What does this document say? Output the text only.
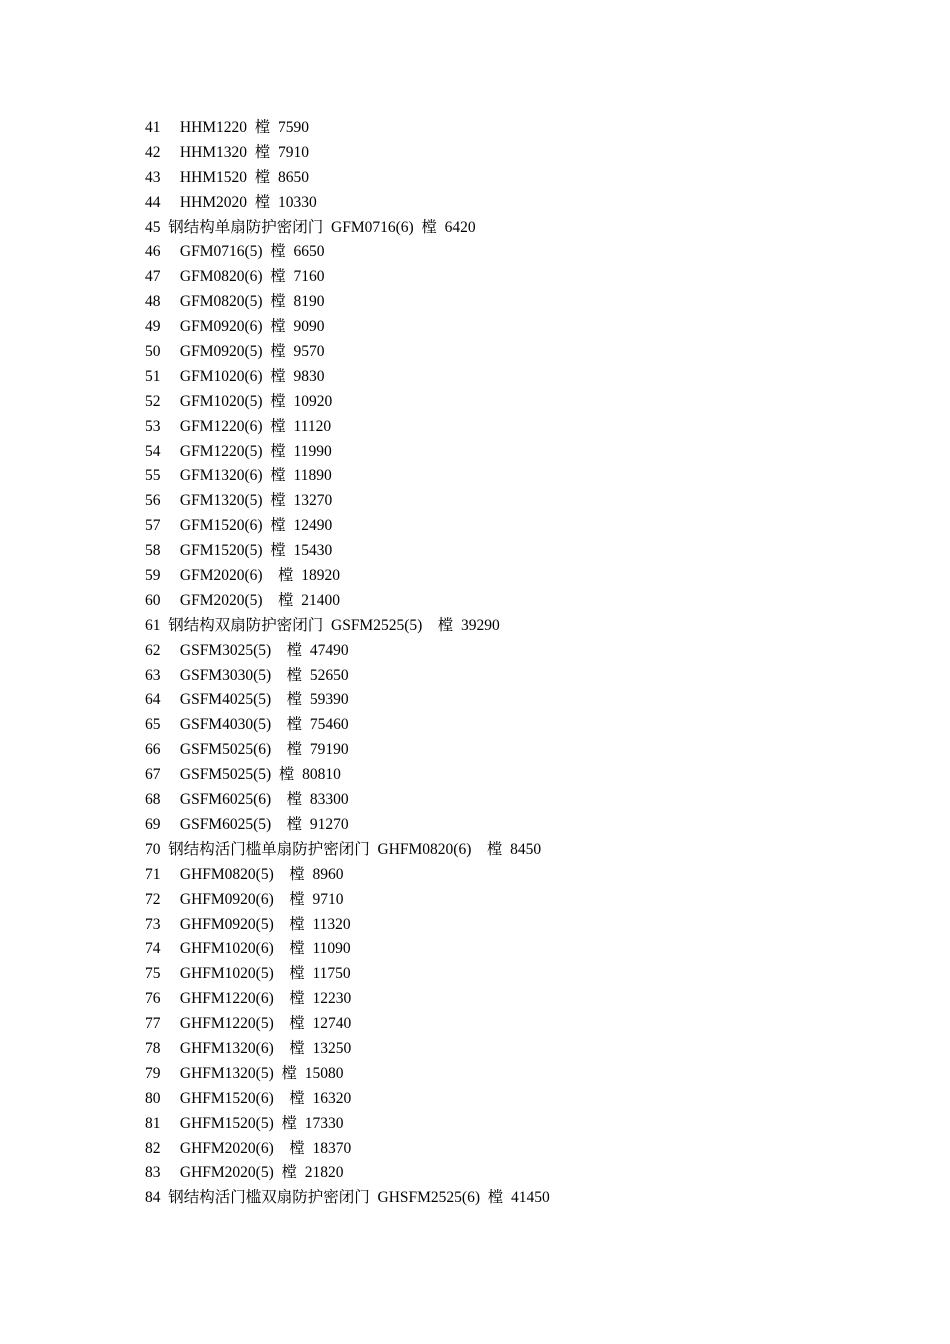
41     HHM1220  樘  7590
42     HHM1320  樘  7910
43     HHM1520  樘  8650
44     HHM2020  樘  10330
45  钢结构单扇防护密闭门  GFM0716(6)  樘  6420
46     GFM0716(5)  樘  6650
47     GFM0820(6)  樘  7160
48     GFM0820(5)  樘  8190
49     GFM0920(6)  樘  9090
50     GFM0920(5)  樘  9570
51     GFM1020(6)  樘  9830
52     GFM1020(5)  樘  10920
53     GFM1220(6)  樘  11120
54     GFM1220(5)  樘  11990
55     GFM1320(6)  樘  11890
56     GFM1320(5)  樘  13270
57     GFM1520(6)  樘  12490
58     GFM1520(5)  樘  15430
59     GFM2020(6)    樘  18920
60     GFM2020(5)    樘  21400
61  钢结构双扇防护密闭门  GSFM2525(5)    樘  39290
62     GSFM3025(5)    樘  47490
63     GSFM3030(5)    樘  52650
64     GSFM4025(5)    樘  59390
65     GSFM4030(5)    樘  75460
66     GSFM5025(6)    樘  79190
67     GSFM5025(5)  樘  80810
68     GSFM6025(6)    樘  83300
69     GSFM6025(5)    樘  91270
70  钢结构活门槛单扇防护密闭门  GHFM0820(6)    樘  8450
71     GHFM0820(5)    樘  8960
72     GHFM0920(6)    樘  9710
73     GHFM0920(5)    樘  11320
74     GHFM1020(6)    樘  11090
75     GHFM1020(5)    樘  11750
76     GHFM1220(6)    樘  12230
77     GHFM1220(5)    樘  12740
78     GHFM1320(6)    樘  13250
79     GHFM1320(5)  樘  15080
80     GHFM1520(6)    樘  16320
81     GHFM1520(5)  樘  17330
82     GHFM2020(6)    樘  18370
83     GHFM2020(5)  樘  21820
84  钢结构活门槛双扇防护密闭门  GHSFM2525(6)  樘  41450
